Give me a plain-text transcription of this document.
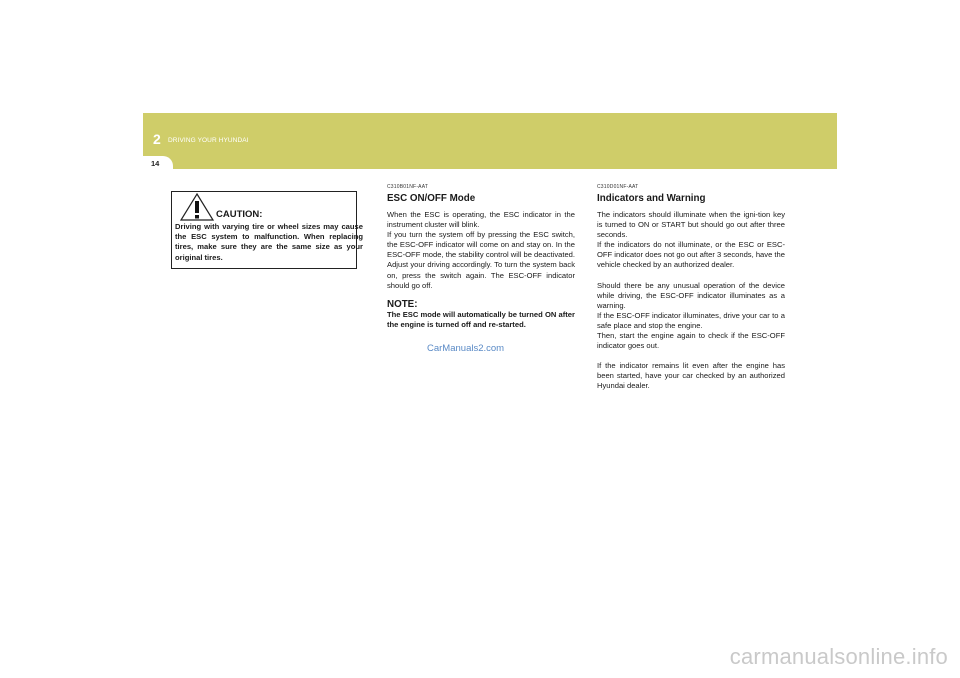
2 DRIVING YOUR HYUNDAI
14
CAUTION:
Driving with varying tire or wheel sizes may cause the ESC system to malfunction. When replacing tires, make sure they are the same size as your original tires.

C310B01NF-AAT

ESC ON/OFF Mode

When the ESC is operating, the ESC indicator in the instrument cluster will blink.
If you turn the system off by pressing the ESC switch, the ESC-OFF indicator will come on and stay on. In the ESC-OFF mode, the stability control will be deactivated. Adjust your driving accordingly. To turn the system back on, press the switch again. The ESC-OFF indicator should go off.

NOTE:

The ESC mode will automatically be turned ON after the engine is turned off and re-started.

C310D01NF-AAT

Indicators and Warning

The indicators should illuminate when the igni-tion key is turned to ON or START but should go out after three seconds.
If the indicators do not illuminate, or the ESC or ESC-OFF indicator does not go out after 3 seconds, have the vehicle checked by an authorized dealer.

Should there be any unusual operation of the device while driving, the ESC-OFF indicator illuminates as a warning.
If the ESC-OFF indicator illuminates, drive your car to a safe place and stop the engine.
Then, start the engine again to check if the ESC-OFF indicator goes out.

If the indicator remains lit even after the engine has been started, have your car checked by an authorized Hyundai dealer.

CarManuals2.com
carmanualsonline.info
